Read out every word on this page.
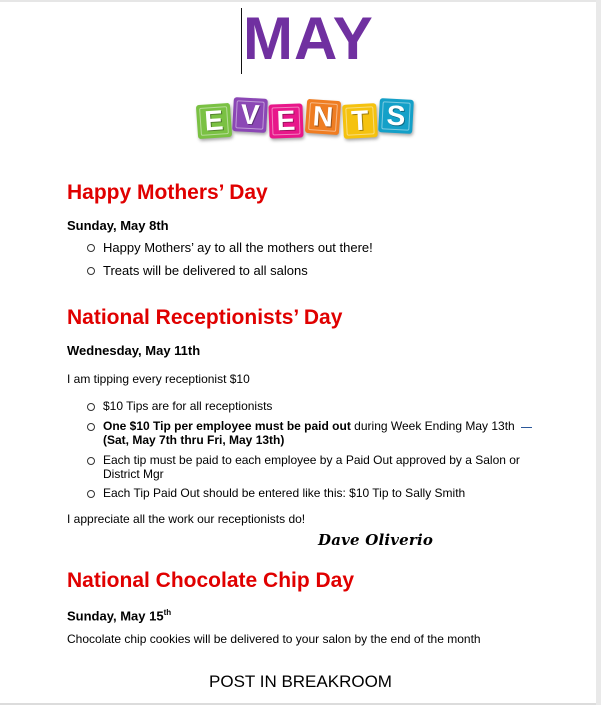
MAY
E V E N T S
Happy Mothers’ Day
Sunday, May 8th
Happy Mothers’ ay to all the mothers out there!
Treats will be delivered to all salons
National Receptionists’ Day
Wednesday, May 11th
I am tipping every receptionist $10
$10 Tips are for all receptionists
One $10 Tip per employee must be paid out during Week Ending May 13th
(Sat, May 7th thru Fri, May 13th)
Each tip must be paid to each employee by a Paid Out approved by a Salon or District Mgr
Each Tip Paid Out should be entered like this: $10 Tip to Sally Smith
I appreciate all the work our receptionists do!
Dave Oliverio
National Chocolate Chip Day
Sunday, May 15th
Chocolate chip cookies will be delivered to your salon by the end of the month
POST IN BREAKROOM
